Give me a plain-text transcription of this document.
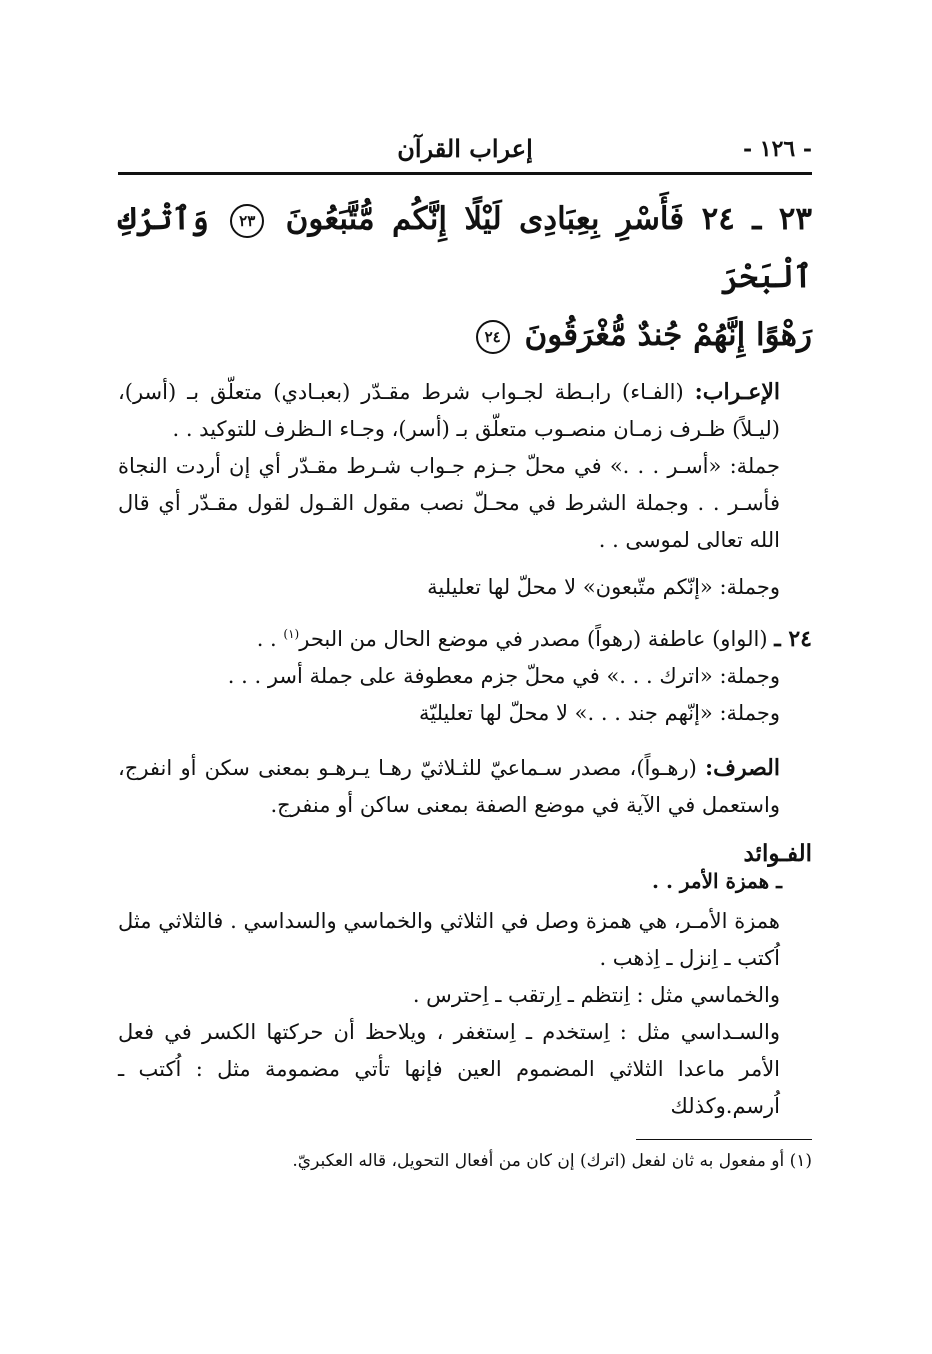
- ١٢٦ -
إعراب القرآن
٢٣ ـ ٢٤ فَأَسْرِ بِعِبَادِى لَيْلًا إِنَّكُم مُّتَّبَعُونَ ٢٣ وَٱتْرُكِ ٱلْبَحْرَ
رَهْوًا إِنَّهُمْ جُندٌ مُّغْرَقُونَ ٢٤

الإعـراب: (الفـاء) رابـطة لجـواب شرط مقـدّر (بعبـادي) متعلّق بـ (أسر)، (ليـلاً) ظـرف زمـان منصـوب متعلّق بـ (أسر)، وجـاء الـظرف للتوكيد . .

جملة: «أسـر . . .» في محلّ جـزم جـواب شـرط مقـدّر أي إن أردت النجاة فأسـر . . وجملة الشرط في محـلّ نصب مقول القـول لقول مقـدّر أي قال الله تعالى لموسى . .

وجملة: «إنّكم متّبعون» لا محلّ لها تعليلية

٢٤ ـ (الواو) عاطفة (رهواً) مصدر في موضع الحال من البحر$^{(١)}$ . .

وجملة: «اترك . . .» في محلّ جزم معطوفة على جملة أسر . . .

وجملة: «إنّهم جند . . .» لا محلّ لها تعليليّة

الصرف: (رهـواً)، مصدر سـماعيّ للثـلاثيّ رهـا يـرهـو بمعنى سكن أو انفرج، واستعمل في الآية في موضع الصفة بمعنى ساكن أو منفرج.

الفـوائد
ـ همزة الأمر . .

همزة الأمـر، هي همزة وصل في الثلاثي والخماسي والسداسي . فالثلاثي مثل اُكتب ـ اِنزل ـ اِذهب .

والخماسي مثل : اِنتظم ـ اِرتقب ـ اِحترس .

والسـداسي مثل : اِستخدم ـ اِستغفر ، ويلاحظ أن حركتها الكسر في فعل الأمر ماعدا الثلاثي المضموم العين فإنها تأتي مضمومة مثل : اُكتب ـ اُرسم.وكذلك

(١) أو مفعول به ثان لفعل (اترك) إن كان من أفعال التحويل، قاله العكبريّ.
